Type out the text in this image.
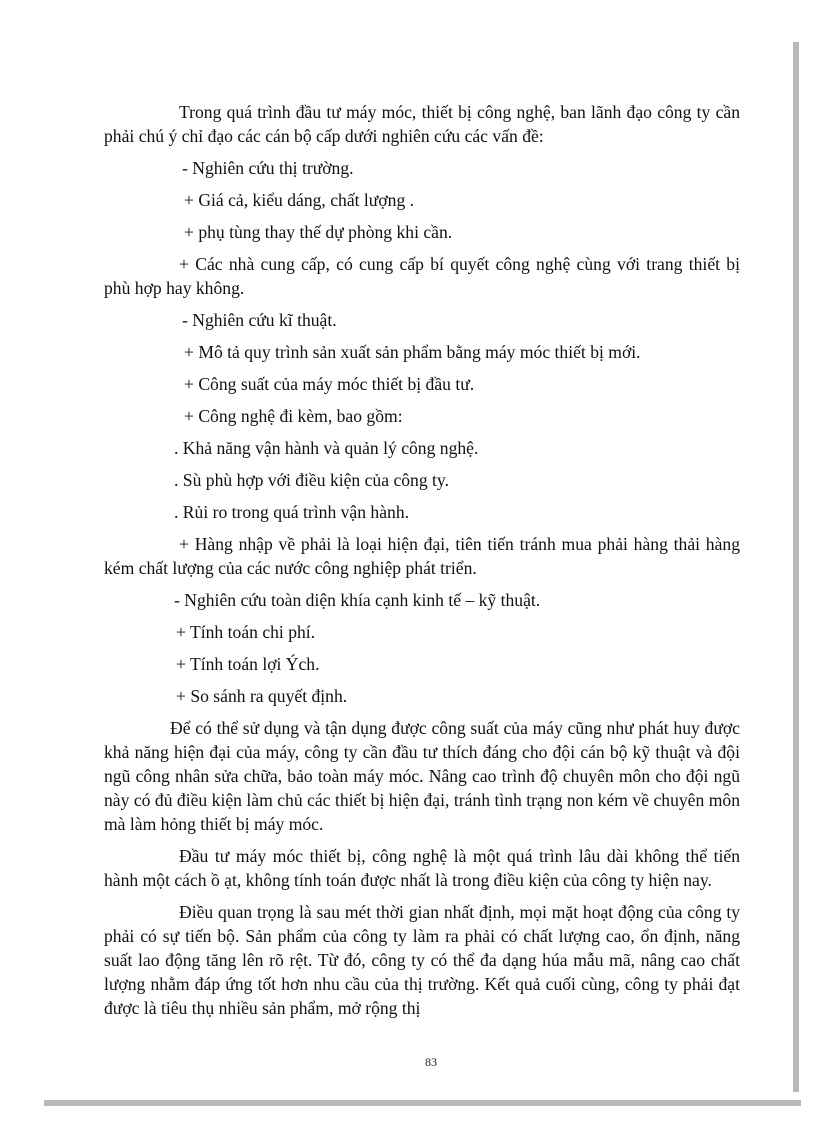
Trong quá trình đầu tư máy móc, thiết bị công nghệ, ban lãnh đạo công ty cần phải chú ý chỉ đạo các cán bộ cấp dưới nghiên cứu các vấn đề:

- Nghiên cứu thị trường.

+ Giá cả, kiểu dáng, chất lượng .

+ phụ tùng thay thế dự phòng khi cần.

+ Các nhà cung cấp, có cung cấp bí quyết công nghệ cùng với trang thiết bị phù hợp hay không.

- Nghiên cứu kĩ thuật.

+ Mô tả quy trình sản xuất sản phẩm bằng máy móc thiết bị mới.

+ Công suất của máy móc thiết bị đầu tư.

+ Công nghệ đi kèm, bao gồm:

. Khả năng vận hành và quản lý công nghệ.

. Sù phù hợp với điều kiện của công ty.

. Rủi ro trong quá trình vận hành.

+ Hàng nhập về phải là loại hiện đại, tiên tiến tránh mua phải hàng thải hàng kém chất lượng của các nước công nghiệp phát triển.

- Nghiên cứu toàn diện khía cạnh kinh tế – kỹ thuật.

+ Tính toán chi phí.

+ Tính toán lợi Ých.

+ So sánh ra quyết định.

Để có thể sử dụng và tận dụng được công suất của máy cũng như phát huy được khả năng hiện đại của máy, công ty cần đầu tư thích đáng cho đội cán bộ kỹ thuật và đội ngũ công nhân sửa chữa, bảo toàn máy móc. Nâng cao trình độ chuyên môn cho đội ngũ này có đủ điều kiện làm chủ các thiết bị hiện đại, tránh tình trạng non kém về chuyên môn mà làm hỏng thiết bị máy móc.

Đầu tư máy móc thiết bị, công nghệ là một quá trình lâu dài không thể tiến hành một cách ồ ạt, không tính toán được nhất là trong điều kiện của công ty hiện nay.

Điều quan trọng là sau mét thời gian nhất định, mọi mặt hoạt động của công ty phải có sự tiến bộ. Sản phẩm của công ty làm ra phải có chất lượng cao, ổn định, năng suất lao động tăng lên rõ rệt. Từ đó, công ty có thể đa dạng húa mẫu mã, nâng cao chất lượng nhằm đáp ứng tốt hơn nhu cầu của thị trường. Kết quả cuối cùng, công ty phải đạt được là tiêu thụ nhiều sản phẩm, mở rộng thị

83
